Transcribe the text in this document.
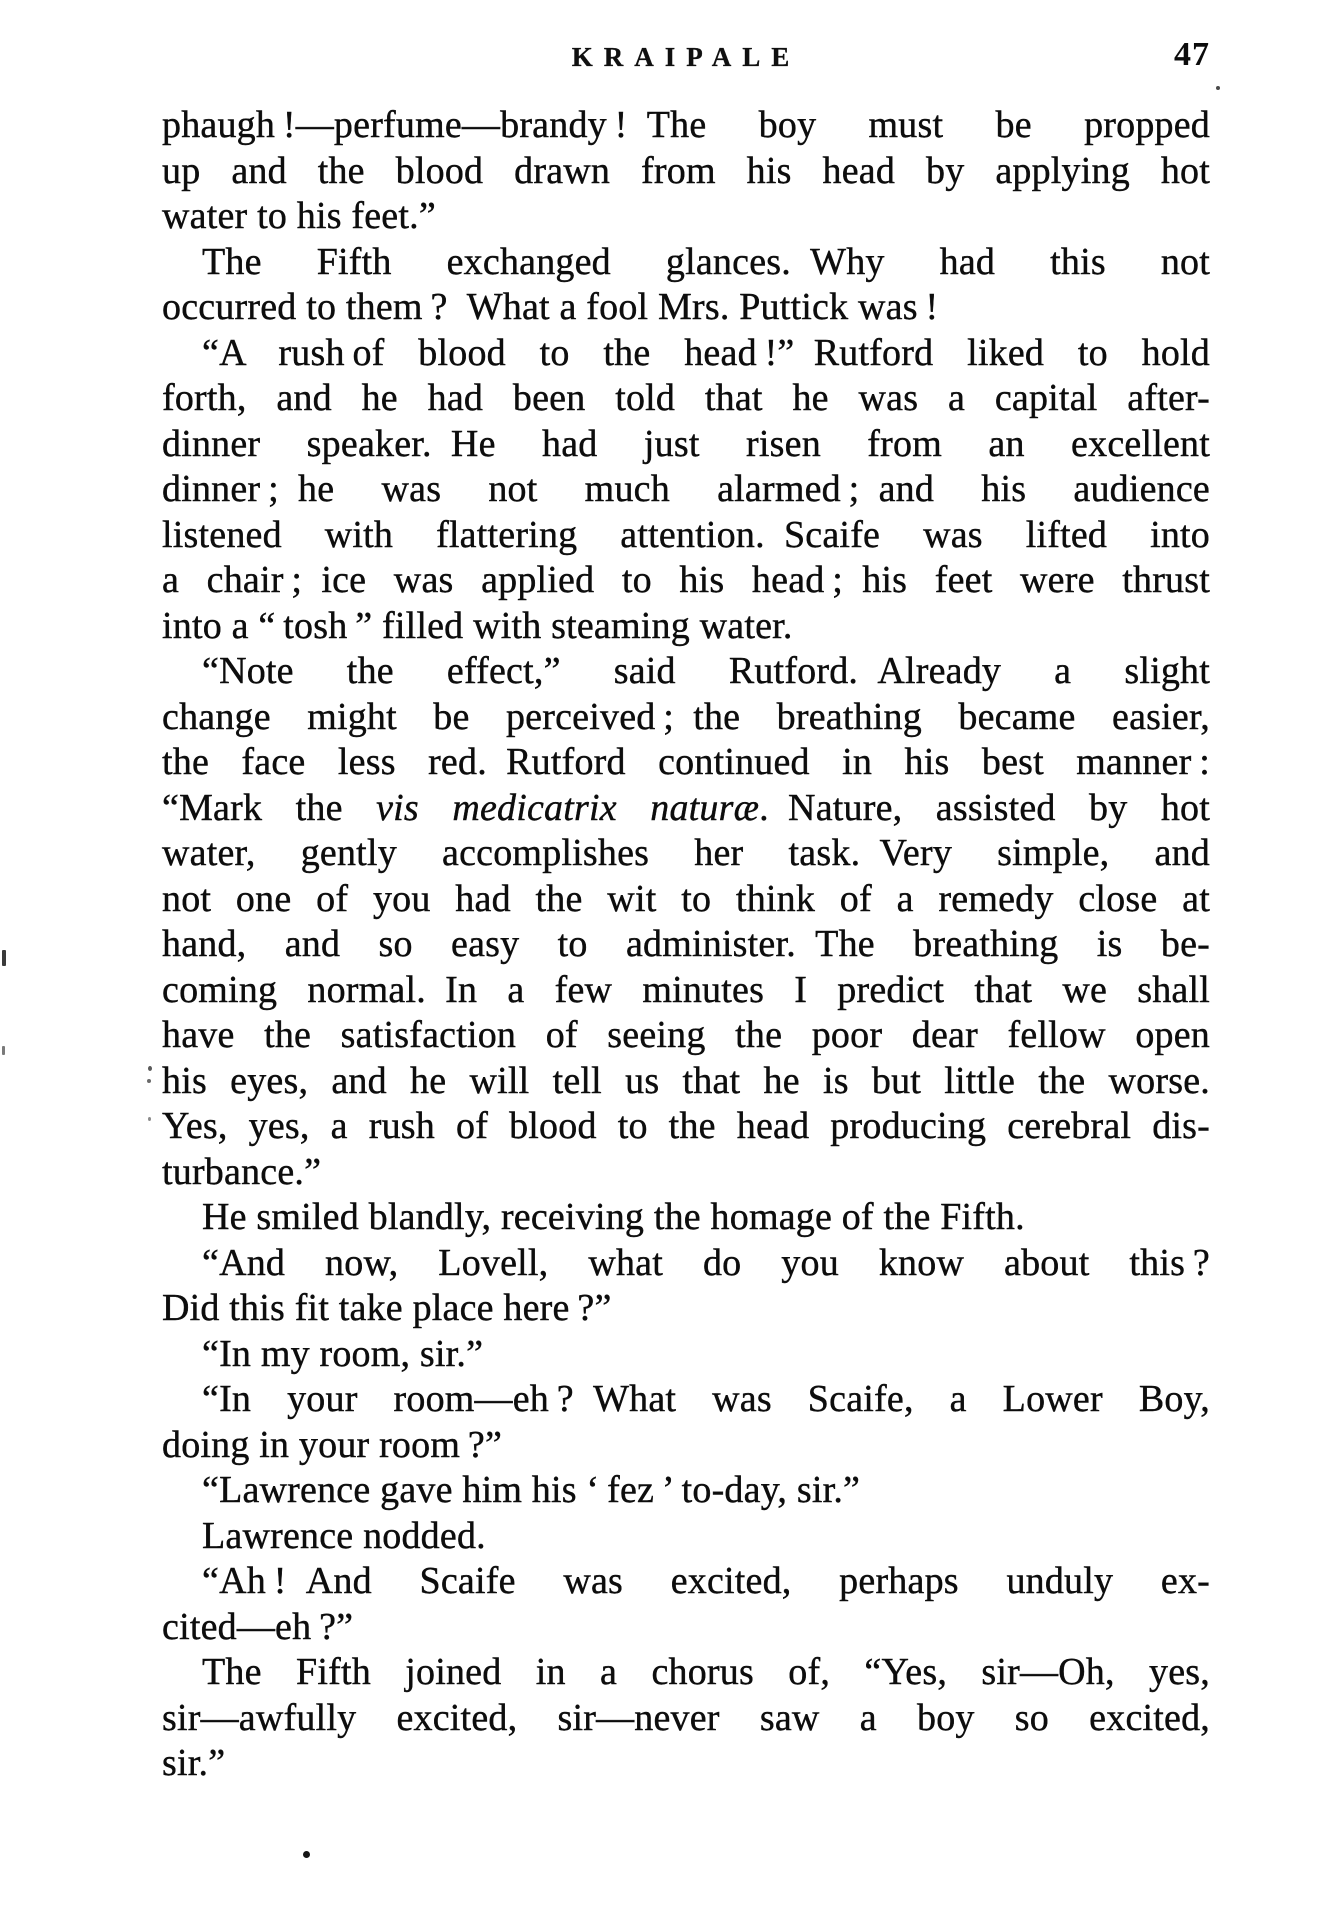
KRAIPALE	47
phaugh !—perfume—brandy ! The boy must be propped
up and the blood drawn from his head by applying hot
water to his feet.”
The Fifth exchanged glances. Why had this not
occurred to them ? What a fool Mrs. Puttick was !
“A rush of blood to the head !” Rutford liked to hold
forth, and he had been told that he was a capital after-
dinner speaker. He had just risen from an excellent
dinner ; he was not much alarmed ; and his audience
listened with flattering attention. Scaife was lifted into
a chair ; ice was applied to his head ; his feet were thrust
into a “ tosh ” filled with steaming water.
“Note the effect,” said Rutford. Already a slight
change might be perceived ; the breathing became easier,
the face less red. Rutford continued in his best manner :
“Mark the vis medicatrix naturæ. Nature, assisted by hot
water, gently accomplishes her task. Very simple, and
not one of you had the wit to think of a remedy close at
hand, and so easy to administer. The breathing is be-
coming normal. In a few minutes I predict that we shall
have the satisfaction of seeing the poor dear fellow open
his eyes, and he will tell us that he is but little the worse.
Yes, yes, a rush of blood to the head producing cerebral dis-
turbance.”
He smiled blandly, receiving the homage of the Fifth.
“And now, Lovell, what do you know about this ?
Did this fit take place here ?”
“In my room, sir.”
“In your room—eh ? What was Scaife, a Lower Boy,
doing in your room ?”
“Lawrence gave him his ‘ fez ’ to-day, sir.”
Lawrence nodded.
“Ah ! And Scaife was excited, perhaps unduly ex-
cited—eh ?”
The Fifth joined in a chorus of, “Yes, sir—Oh, yes,
sir—awfully excited, sir—never saw a boy so excited,
sir.”
